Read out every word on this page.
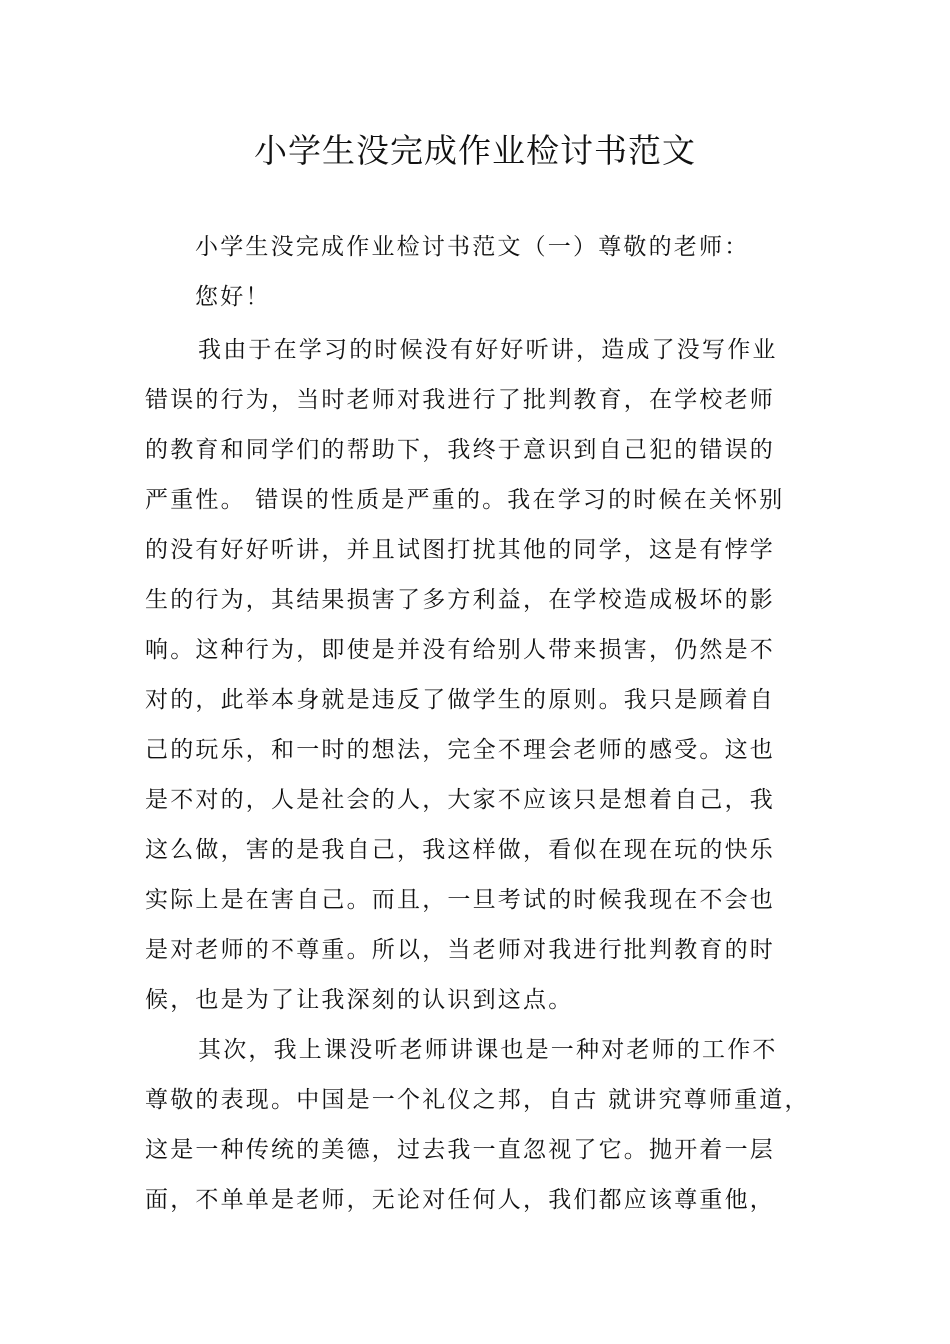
小学生没完成作业检讨书范文

小学生没完成作业检讨书范文（一）尊敬的老师：

您好！

我由于在学习的时候没有好好听讲，造成了没写作业

错误的行为，当时老师对我进行了批判教育，在学校老师

的教育和同学们的帮助下，我终于意识到自己犯的错误的

严重性。 错误的性质是严重的。我在学习的时候在关怀别

的没有好好听讲，并且试图打扰其他的同学，这是有悖学

生的行为，其结果损害了多方利益，在学校造成极坏的影

响。这种行为，即使是并没有给别人带来损害，仍然是不

对的，此举本身就是违反了做学生的原则。我只是顾着自

己的玩乐，和一时的想法，完全不理会老师的感受。这也

是不对的，人是社会的人，大家不应该只是想着自己，我

这么做，害的是我自己，我这样做，看似在现在玩的快乐

实际上是在害自己。而且，一旦考试的时候我现在不会也

是对老师的不尊重。所以，当老师对我进行批判教育的时

候，也是为了让我深刻的认识到这点。

其次，我上课没听老师讲课也是一种对老师的工作不

尊敬的表现。中国是一个礼仪之邦，自古 就讲究尊师重道，

这是一种传统的美德，过去我一直忽视了它。抛开着一层

面，不单单是老师，无论对任何人，我们都应该尊重他，
